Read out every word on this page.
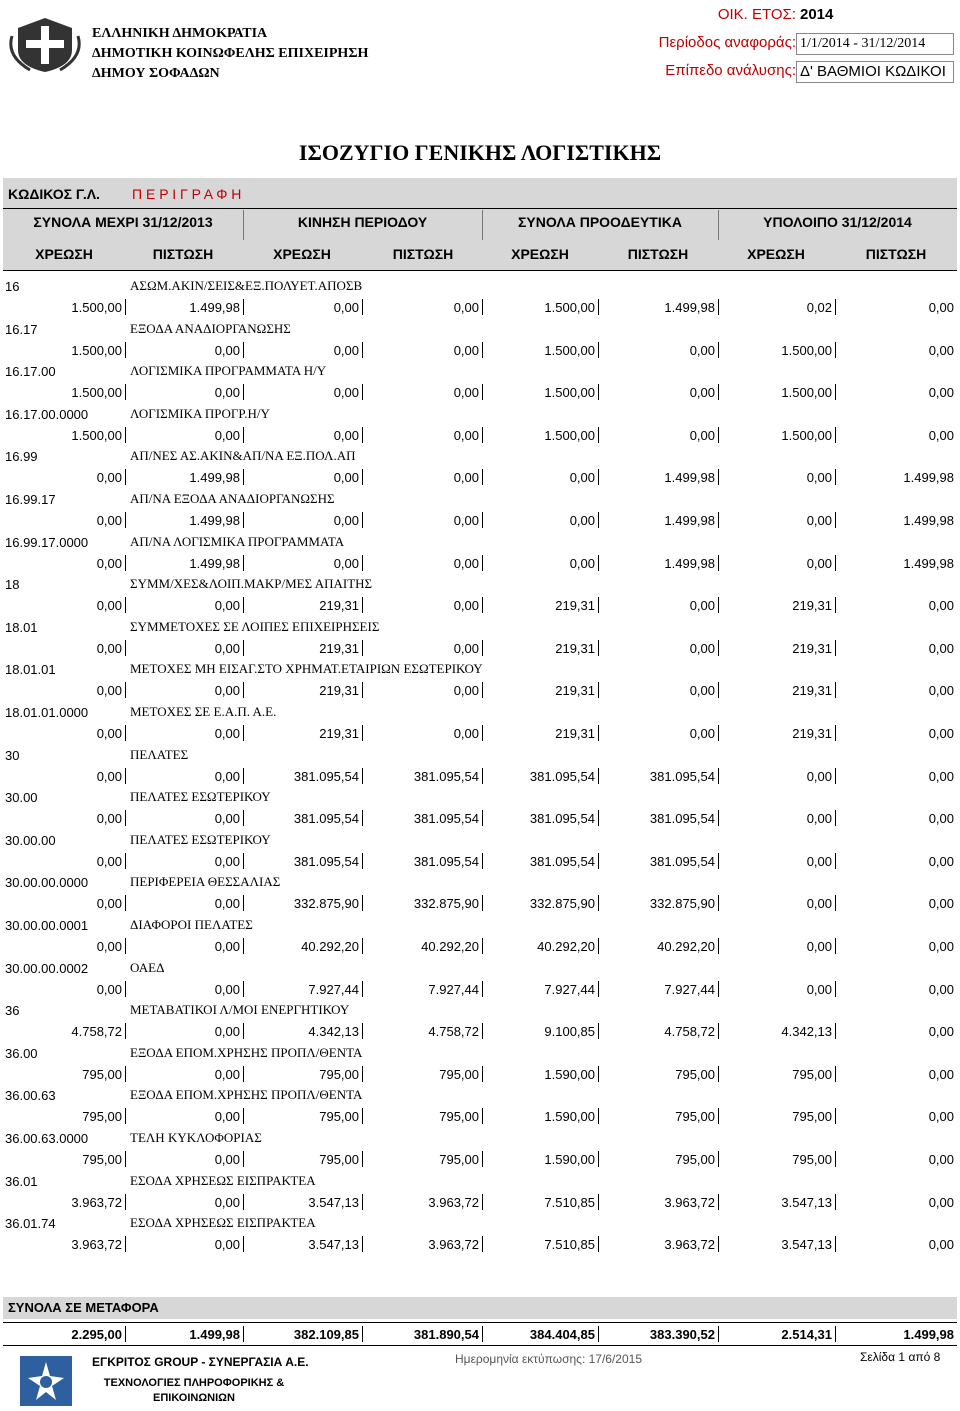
ΕΛΛΗΝΙΚΗ ΔΗΜΟΚΡΑΤΙΑ
ΔΗΜΟΤΙΚΗ ΚΟΙΝΩΦΕΛΗΣ ΕΠΙΧΕΙΡΗΣΗ
ΔΗΜΟΥ ΣΟΦΑΔΩΝ
ΟΙΚ. ΕΤΟΣ: 2014
Περίοδος αναφοράς: 1/1/2014 - 31/12/2014
Επίπεδο ανάλυσης: Δ' ΒΑΘΜΙΟΙ ΚΩΔΙΚΟΙ
ΙΣΟΖΥΓΙΟ ΓΕΝΙΚΗΣ ΛΟΓΙΣΤΙΚΗΣ
ΚΩΔΙΚΟΣ Γ.Λ. Π Ε Ρ Ι Γ Ρ Α Φ Η
ΣΥΝΟΛΑ ΜΕΧΡΙ 31/12/2013	ΚΙΝΗΣΗ ΠΕΡΙΟΔΟΥ	ΣΥΝΟΛΑ ΠΡΟΟΔΕΥΤΙΚΑ	ΥΠΟΛΟΙΠΟ 31/12/2014
ΧΡΕΩΣΗ	ΠΙΣΤΩΣΗ	ΧΡΕΩΣΗ	ΠΙΣΤΩΣΗ	ΧΡΕΩΣΗ	ΠΙΣΤΩΣΗ	ΧΡΕΩΣΗ	ΠΙΣΤΩΣΗ
16	ΑΣΩΜ.ΑΚΙΝ/ΣΕΙΣ&ΕΞ.ΠΟΛΥΕΤ.ΑΠΟΣΒ
1.500,00	1.499,98	0,00	0,00	1.500,00	1.499,98	0,02	0,00
16.17	ΕΞΟΔΑ ΑΝΑΔΙΟΡΓΑΝΩΣΗΣ
1.500,00	0,00	0,00	0,00	1.500,00	0,00	1.500,00	0,00
16.17.00	ΛΟΓΙΣΜΙΚΑ ΠΡΟΓΡΑΜΜΑΤΑ Η/Υ
1.500,00	0,00	0,00	0,00	1.500,00	0,00	1.500,00	0,00
16.17.00.0000	ΛΟΓΙΣΜΙΚΑ ΠΡΟΓΡ.Η/Υ
1.500,00	0,00	0,00	0,00	1.500,00	0,00	1.500,00	0,00
16.99	ΑΠ/ΝΕΣ ΑΣ.ΑΚΙΝ&ΑΠ/ΝΑ ΕΞ.ΠΟΛ.ΑΠ
0,00	1.499,98	0,00	0,00	0,00	1.499,98	0,00	1.499,98
16.99.17	ΑΠ/ΝΑ ΕΞΟΔΑ ΑΝΑΔΙΟΡΓΑΝΩΣΗΣ
0,00	1.499,98	0,00	0,00	0,00	1.499,98	0,00	1.499,98
16.99.17.0000	ΑΠ/ΝΑ ΛΟΓΙΣΜΙΚΑ ΠΡΟΓΡΑΜΜΑΤΑ
0,00	1.499,98	0,00	0,00	0,00	1.499,98	0,00	1.499,98
18	ΣΥΜΜ/ΧΕΣ&ΛΟΙΠ.ΜΑΚΡ/ΜΕΣ ΑΠΑΙΤΗΣ
0,00	0,00	219,31	0,00	219,31	0,00	219,31	0,00
18.01	ΣΥΜΜΕΤΟΧΕΣ ΣΕ ΛΟΙΠΕΣ ΕΠΙΧΕΙΡΗΣΕΙΣ
0,00	0,00	219,31	0,00	219,31	0,00	219,31	0,00
18.01.01	ΜΕΤΟΧΕΣ ΜΗ ΕΙΣΑΓ.ΣΤΟ ΧΡΗΜΑΤ.ΕΤΑΙΡΙΩΝ ΕΣΩΤΕΡΙΚΟΥ
0,00	0,00	219,31	0,00	219,31	0,00	219,31	0,00
18.01.01.0000	ΜΕΤΟΧΕΣ ΣΕ Ε.Α.Π. Α.Ε.
0,00	0,00	219,31	0,00	219,31	0,00	219,31	0,00
30	ΠΕΛΑΤΕΣ
0,00	0,00	381.095,54	381.095,54	381.095,54	381.095,54	0,00	0,00
30.00	ΠΕΛΑΤΕΣ ΕΣΩΤΕΡΙΚΟΥ
0,00	0,00	381.095,54	381.095,54	381.095,54	381.095,54	0,00	0,00
30.00.00	ΠΕΛΑΤΕΣ ΕΣΩΤΕΡΙΚΟΥ
0,00	0,00	381.095,54	381.095,54	381.095,54	381.095,54	0,00	0,00
30.00.00.0000	ΠΕΡΙΦΕΡΕΙΑ ΘΕΣΣΑΛΙΑΣ
0,00	0,00	332.875,90	332.875,90	332.875,90	332.875,90	0,00	0,00
30.00.00.0001	ΔΙΑΦΟΡΟΙ ΠΕΛΑΤΕΣ
0,00	0,00	40.292,20	40.292,20	40.292,20	40.292,20	0,00	0,00
30.00.00.0002	ΟΑΕΔ
0,00	0,00	7.927,44	7.927,44	7.927,44	7.927,44	0,00	0,00
36	ΜΕΤΑΒΑΤΙΚΟΙ Λ/ΜΟΙ ΕΝΕΡΓΗΤΙΚΟΥ
4.758,72	0,00	4.342,13	4.758,72	9.100,85	4.758,72	4.342,13	0,00
36.00	ΕΞΟΔΑ ΕΠΟΜ.ΧΡΗΣΗΣ ΠΡΟΠΛ/ΘΕΝΤΑ
795,00	0,00	795,00	795,00	1.590,00	795,00	795,00	0,00
36.00.63	ΕΞΟΔΑ ΕΠΟΜ.ΧΡΗΣΗΣ ΠΡΟΠΛ/ΘΕΝΤΑ
795,00	0,00	795,00	795,00	1.590,00	795,00	795,00	0,00
36.00.63.0000	ΤΕΛΗ ΚΥΚΛΟΦΟΡΙΑΣ
795,00	0,00	795,00	795,00	1.590,00	795,00	795,00	0,00
36.01	ΕΣΟΔΑ ΧΡΗΣΕΩΣ ΕΙΣΠΡΑΚΤΕΑ
3.963,72	0,00	3.547,13	3.963,72	7.510,85	3.963,72	3.547,13	0,00
36.01.74	ΕΣΟΔΑ ΧΡΗΣΕΩΣ ΕΙΣΠΡΑΚΤΕΑ
3.963,72	0,00	3.547,13	3.963,72	7.510,85	3.963,72	3.547,13	0,00
ΣΥΝΟΛΑ ΣΕ ΜΕΤΑΦΟΡΑ
2.295,00	1.499,98	382.109,85	381.890,54	384.404,85	383.390,52	2.514,31	1.499,98
ΕΓΚΡΙΤΟΣ GROUP - ΣΥΝΕΡΓΑΣΙΑ Α.Ε.
ΤΕΧΝΟΛΟΓΙΕΣ ΠΛΗΡΟΦΟΡΙΚΗΣ &
ΕΠΙΚΟΙΝΩΝΙΩΝ
Ημερομηνία εκτύπωσης: 17/6/2015	Σελίδα 1 από 8
